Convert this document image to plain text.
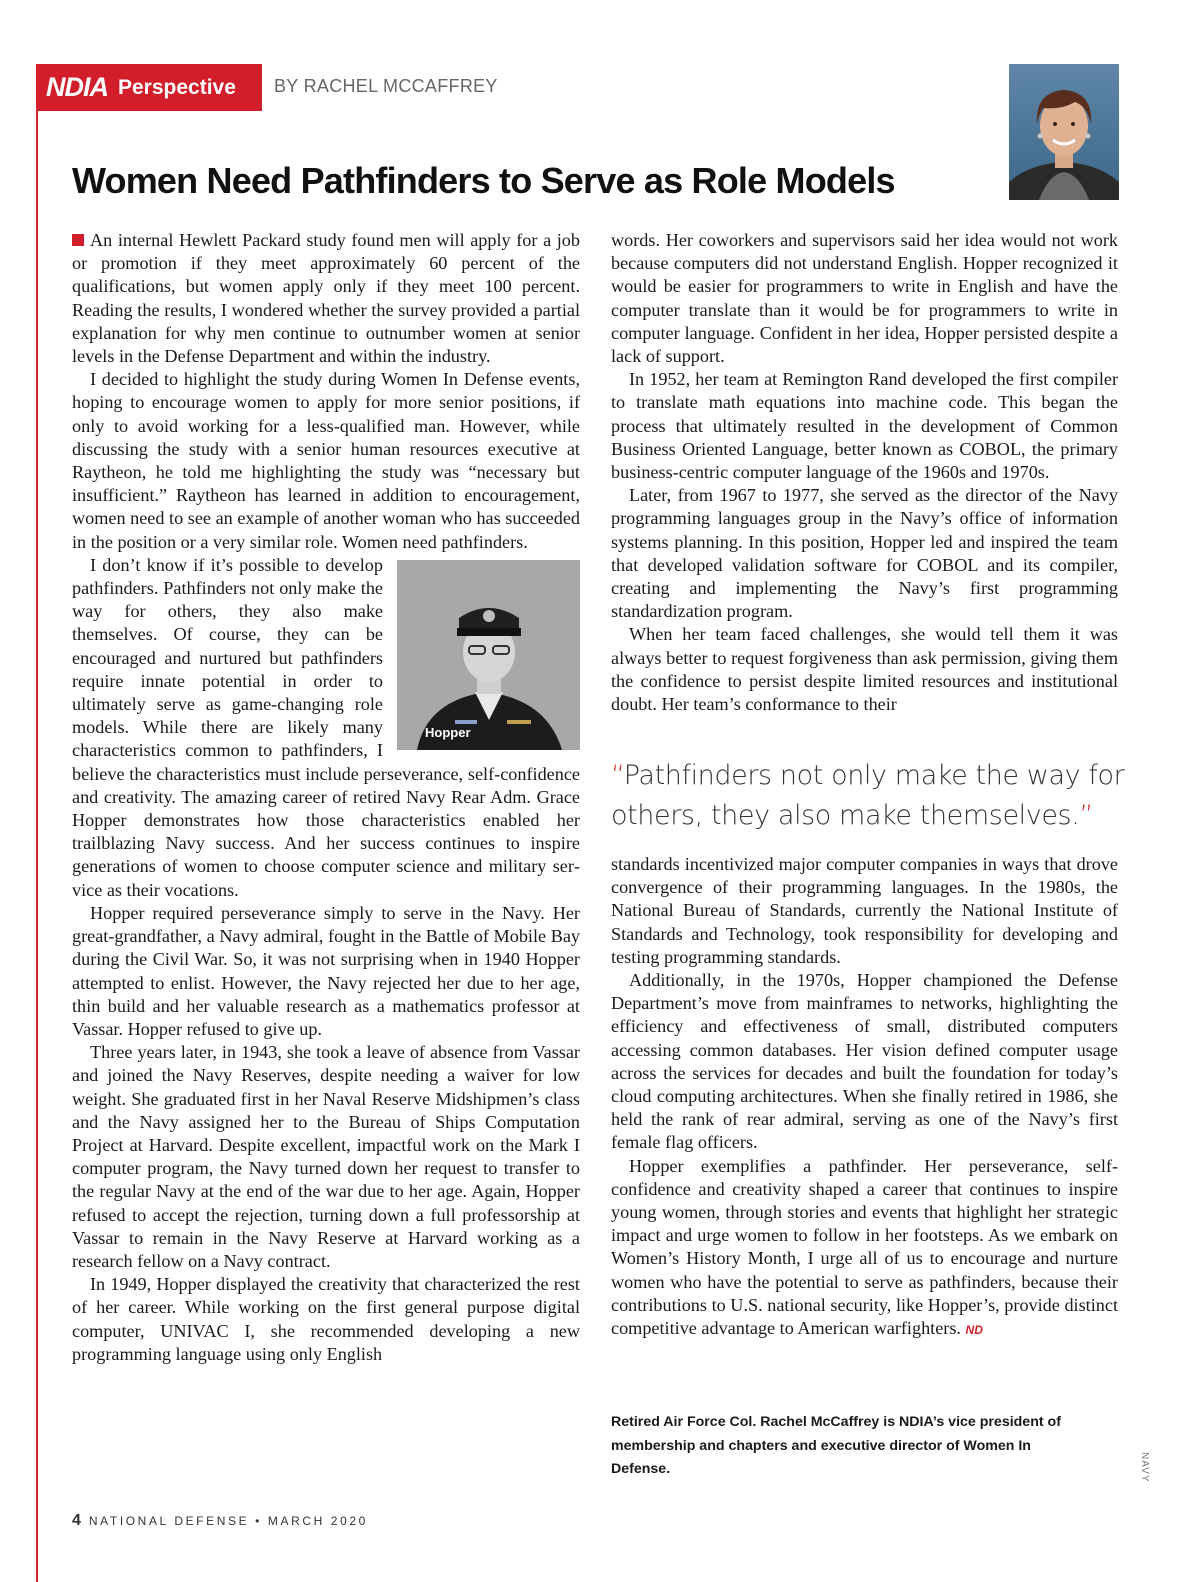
NDIA Perspective BY RACHEL MCCAFFREY
Women Need Pathfinders to Serve as Role Models

An internal Hewlett Packard study found men will apply for a job or promotion if they meet approximately 60 percent of the qualifications, but women apply only if they meet 100 percent. Reading the results, I wondered whether the survey provided a partial explanation for why men continue to outnumber women at senior levels in the Defense Department and within the industry.

I decided to highlight the study during Women In Defense events, hoping to encourage women to apply for more senior positions, if only to avoid working for a less-qualified man. However, while discussing the study with a senior human resources executive at Raytheon, he told me highlighting the study was “necessary but insufficient.” Raytheon has learned in addition to encouragement, women need to see an example of another woman who has succeeded in the position or a very similar role. Women need pathfinders.

Hopper
I don’t know if it’s possible to develop pathfinders. Pathfinders not only make the way for others, they also make themselves. Of course, they can be encouraged and nurtured but pathfinders require innate potential in order to ultimately serve as game-changing role models. While there are likely many characteristics common to pathfinders, I believe the characteristics must include perseverance, self-confidence and creativity. The amazing career of retired Navy Rear Adm. Grace Hopper demonstrates how those characteristics enabled her trailblazing Navy success. And her success continues to inspire generations of women to choose computer science and military service as their vocations.

Hopper required perseverance simply to serve in the Navy. Her great-grandfather, a Navy admiral, fought in the Battle of Mobile Bay during the Civil War. So, it was not surprising when in 1940 Hopper attempted to enlist. However, the Navy rejected her due to her age, thin build and her valuable research as a mathematics professor at Vassar. Hopper refused to give up.

Three years later, in 1943, she took a leave of absence from Vassar and joined the Navy Reserves, despite needing a waiver for low weight. She graduated first in her Naval Reserve Midshipmen’s class and the Navy assigned her to the Bureau of Ships Computation Project at Harvard. Despite excellent, impactful work on the Mark I computer program, the Navy turned down her request to transfer to the regular Navy at the end of the war due to her age. Again, Hopper refused to accept the rejection, turning down a full professorship at Vassar to remain in the Navy Reserve at Harvard working as a research fellow on a Navy contract.

In 1949, Hopper displayed the creativity that characterized the rest of her career. While working on the first general purpose digital computer, UNIVAC I, she recommended developing a new programming language using only English

words. Her coworkers and supervisors said her idea would not work because computers did not understand English. Hopper recognized it would be easier for programmers to write in English and have the computer translate than it would be for programmers to write in computer language. Confident in her idea, Hopper persisted despite a lack of support.

In 1952, her team at Remington Rand developed the first compiler to translate math equations into machine code. This began the process that ultimately resulted in the development of Common Business Oriented Language, better known as COBOL, the primary business-centric computer language of the 1960s and 1970s.

Later, from 1967 to 1977, she served as the director of the Navy programming languages group in the Navy’s office of information systems planning. In this position, Hopper led and inspired the team that developed validation software for COBOL and its compiler, creating and implementing the Navy’s first programming standardization program.

When her team faced challenges, she would tell them it was always better to request forgiveness than ask permission, giving them the confidence to persist despite limited resources and institutional doubt. Her team’s conformance to their

“Pathfinders not only make the way for others, they also make themselves.”

standards incentivized major computer companies in ways that drove convergence of their programming languages. In the 1980s, the National Bureau of Standards, currently the National Institute of Standards and Technology, took responsibility for developing and testing programming standards.

Additionally, in the 1970s, Hopper championed the Defense Department’s move from mainframes to networks, highlighting the efficiency and effectiveness of small, distributed computers accessing common databases. Her vision defined computer usage across the services for decades and built the foundation for today’s cloud computing architectures. When she finally retired in 1986, she held the rank of rear admiral, serving as one of the Navy’s first female flag officers.

Hopper exemplifies a pathfinder. Her perseverance, self-confidence and creativity shaped a career that continues to inspire young women, through stories and events that highlight her strategic impact and urge women to follow in her footsteps. As we embark on Women’s History Month, I urge all of us to encourage and nurture women who have the potential to serve as pathfinders, because their contributions to U.S. national security, like Hopper’s, provide distinct competitive advantage to American warfighters. ND

Retired Air Force Col. Rachel McCaffrey is NDIA’s vice president of membership and chapters and executive director of Women In Defense.	NAVY
4 NATIONAL DEFENSE • MARCH 2020
